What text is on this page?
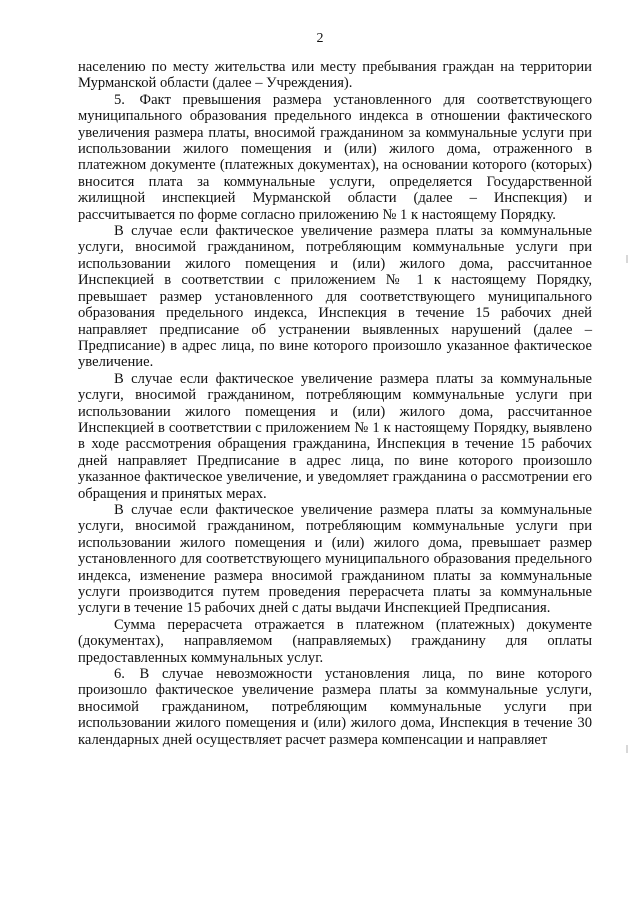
2

населению по месту жительства или месту пребывания граждан на территории Мурманской области (далее – Учреждения).

5. Факт превышения размера установленного для соответствующего муниципального образования предельного индекса в отношении фактического увеличения размера платы, вносимой гражданином за коммунальные услуги при использовании жилого помещения и (или) жилого дома, отраженного в платежном документе (платежных документах), на основании которого (которых) вносится плата за коммунальные услуги, определяется Государственной жилищной инспекцией Мурманской области (далее – Инспекция) и рассчитывается по форме согласно приложению № 1 к настоящему Порядку.

В случае если фактическое увеличение размера платы за коммунальные услуги, вносимой гражданином, потребляющим коммунальные услуги при использовании жилого помещения и (или) жилого дома, рассчитанное Инспекцией в соответствии с приложением № 1 к настоящему Порядку, превышает размер установленного для соответствующего муниципального образования предельного индекса, Инспекция в течение 15 рабочих дней направляет предписание об устранении выявленных нарушений (далее – Предписание) в адрес лица, по вине которого произошло указанное фактическое увеличение.

В случае если фактическое увеличение размера платы за коммунальные услуги, вносимой гражданином, потребляющим коммунальные услуги при использовании жилого помещения и (или) жилого дома, рассчитанное Инспекцией в соответствии с приложением № 1 к настоящему Порядку, выявлено в ходе рассмотрения обращения гражданина, Инспекция в течение 15 рабочих дней направляет Предписание в адрес лица, по вине которого произошло указанное фактическое увеличение, и уведомляет гражданина о рассмотрении его обращения и принятых мерах.

В случае если фактическое увеличение размера платы за коммунальные услуги, вносимой гражданином, потребляющим коммунальные услуги при использовании жилого помещения и (или) жилого дома, превышает размер установленного для соответствующего муниципального образования предельного индекса, изменение размера вносимой гражданином платы за коммунальные услуги производится путем проведения перерасчета платы за коммунальные услуги в течение 15 рабочих дней с даты выдачи Инспекцией Предписания.

Сумма перерасчета отражается в платежном (платежных) документе (документах), направляемом (направляемых) гражданину для оплаты предоставленных коммунальных услуг.

6. В случае невозможности установления лица, по вине которого произошло фактическое увеличение размера платы за коммунальные услуги, вносимой гражданином, потребляющим коммунальные услуги при использовании жилого помещения и (или) жилого дома, Инспекция в течение 30 календарных дней осуществляет расчет размера компенсации и направляет
